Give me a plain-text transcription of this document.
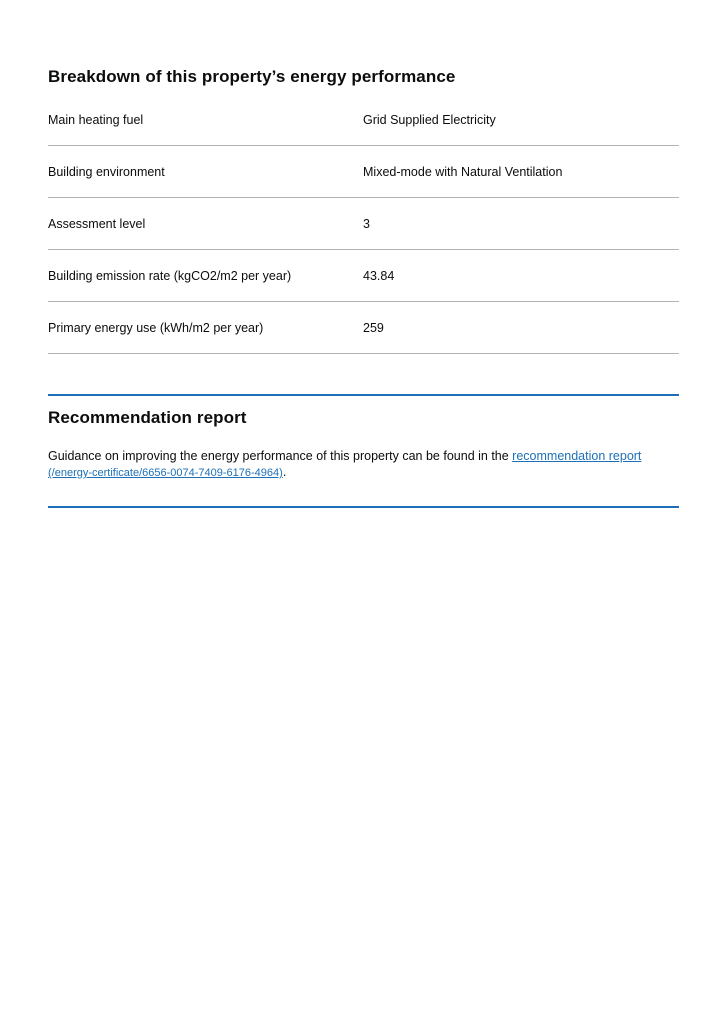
Breakdown of this property’s energy performance
Main heating fuel	Grid Supplied Electricity
Building environment	Mixed-mode with Natural Ventilation
Assessment level	3
Building emission rate (kgCO2/m2 per year)	43.84
Primary energy use (kWh/m2 per year)	259
Recommendation report

Guidance on improving the energy performance of this property can be found in the recommendation report (/energy-certificate/6656-0074-7409-6176-4964).
